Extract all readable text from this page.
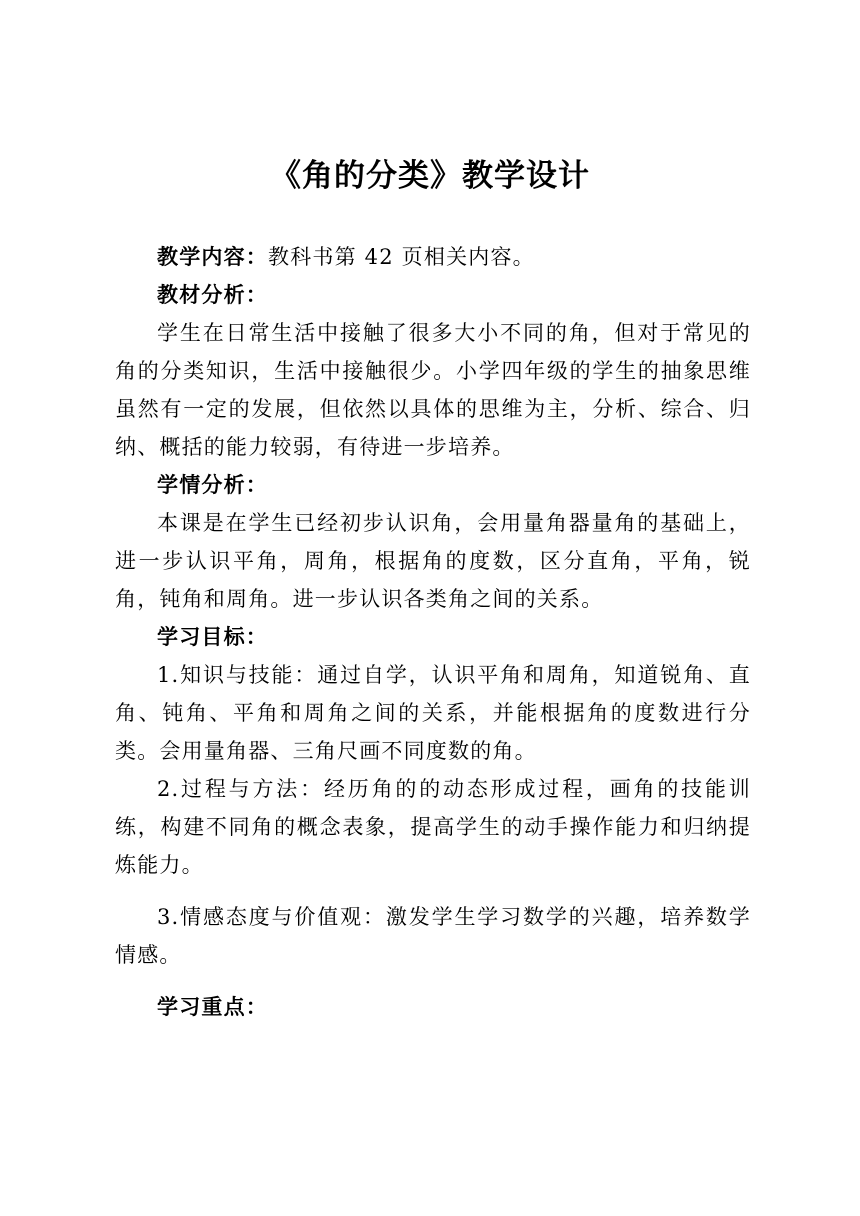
《角的分类》教学设计

教学内容：教科书第 42 页相关内容。

教材分析：

学生在日常生活中接触了很多大小不同的角，但对于常见的角的分类知识，生活中接触很少。小学四年级的学生的抽象思维虽然有一定的发展，但依然以具体的思维为主，分析、综合、归纳、概括的能力较弱，有待进一步培养。

学情分析：

本课是在学生已经初步认识角，会用量角器量角的基础上，进一步认识平角，周角，根据角的度数，区分直角，平角，锐角，钝角和周角。进一步认识各类角之间的关系。

学习目标：

1.知识与技能：通过自学，认识平角和周角，知道锐角、直角、钝角、平角和周角之间的关系，并能根据角的度数进行分类。会用量角器、三角尺画不同度数的角。

2.过程与方法：经历角的的动态形成过程，画角的技能训练，构建不同角的概念表象，提高学生的动手操作能力和归纳提炼能力。

3.情感态度与价值观：激发学生学习数学的兴趣，培养数学情感。

学习重点：
